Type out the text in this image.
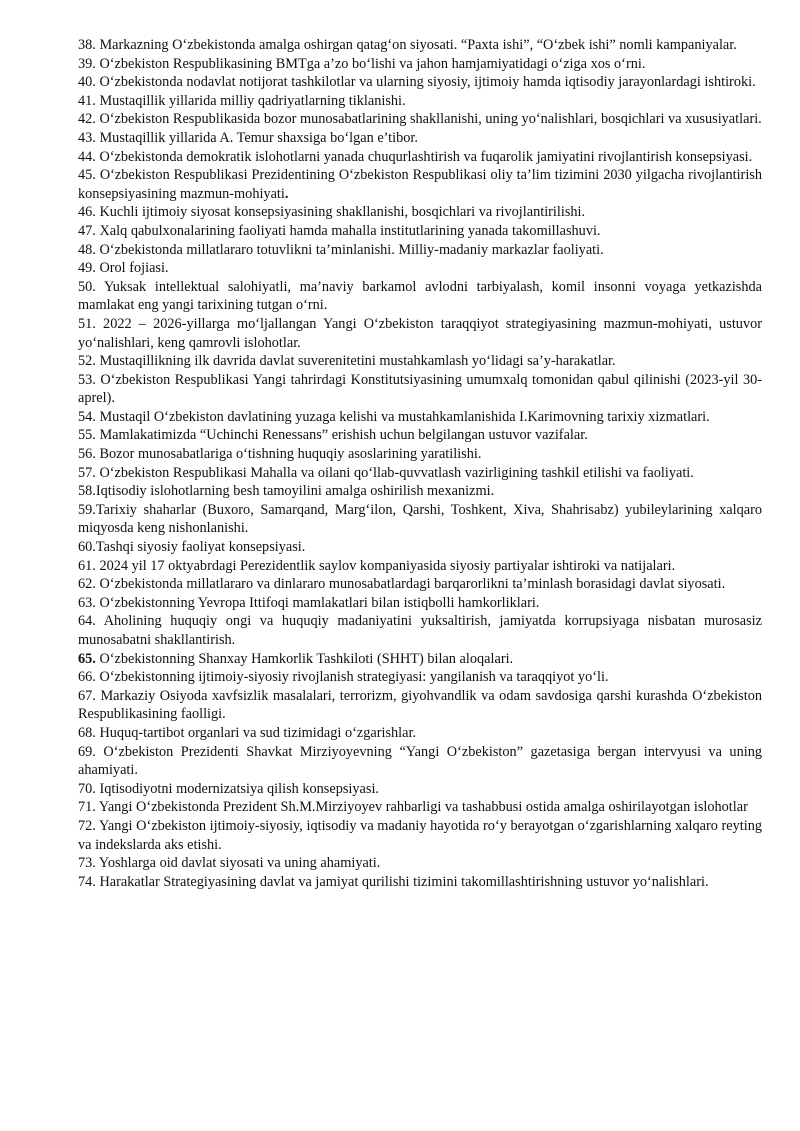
38. Markazning O‘zbekistonda amalga oshirgan qatag‘on siyosati. “Paxta ishi”, “O‘zbek ishi” nomli kampaniyalar.

39. O‘zbekiston Respublikasining BMTga a’zo bo‘lishi va jahon hamjamiyatidagi o‘ziga xos o‘rni.

40. O‘zbekistonda nodavlat notijorat tashkilotlar va ularning siyosiy, ijtimoiy hamda iqtisodiy jarayonlardagi ishtiroki.

41. Mustaqillik yillarida milliy qadriyatlarning tiklanishi.

42. O‘zbekiston Respublikasida bozor munosabatlarining shakllanishi, uning yo‘nalishlari, bosqichlari va xususiyatlari.

43. Mustaqillik yillarida A. Temur shaxsiga bo‘lgan e’tibor.

44. O‘zbekistonda demokratik islohotlarni yanada chuqurlashtirish va fuqarolik jamiyatini rivojlantirish konsepsiyasi.

45. O‘zbekiston Respublikasi Prezidentining O‘zbekiston Respublikasi oliy ta’lim tizimini 2030 yilgacha rivojlantirish konsepsiyasining mazmun-mohiyati.

46. Kuchli ijtimoiy siyosat konsepsiyasining shakllanishi, bosqichlari va rivojlantirilishi.

47. Xalq qabulxonalarining faoliyati hamda mahalla institutlarining yanada takomillashuvi.

48. O‘zbekistonda millatlararo totuvlikni ta’minlanishi. Milliy-madaniy markazlar faoliyati.

49. Orol fojiasi.

50. Yuksak intellektual salohiyatli, ma’naviy barkamol avlodni tarbiyalash, komil insonni voyaga yetkazishda mamlakat eng yangi tarixining tutgan o‘rni.

51. 2022 – 2026-yillarga mo‘ljallangan Yangi O‘zbekiston taraqqiyot strategiyasining mazmun-mohiyati, ustuvor yo‘nalishlari, keng qamrovli islohotlar.

52. Mustaqillikning ilk davrida davlat suverenitetini mustahkamlash yo‘lidagi sa’y-harakatlar.

53. O‘zbekiston Respublikasi Yangi tahrirdagi Konstitutsiyasining umumxalq tomonidan qabul qilinishi (2023-yil 30-aprel).

54. Mustaqil O‘zbekiston davlatining yuzaga kelishi va mustahkamlanishida I.Karimovning tarixiy xizmatlari.

55. Mamlakatimizda “Uchinchi Renessans” erishish uchun belgilangan ustuvor vazifalar.

56. Bozor munosabatlariga o‘tishning huquqiy asoslarining yaratilishi.

57. O‘zbekiston Respublikasi Mahalla va oilani qo‘llab-quvvatlash vazirligining tashkil etilishi va faoliyati.

58.Iqtisodiy islohotlarning besh tamoyilini amalga oshirilish mexanizmi.

59.Tarixiy shaharlar (Buxoro, Samarqand, Marg‘ilon, Qarshi, Toshkent, Xiva, Shahrisabz) yubileylarining xalqaro miqyosda keng nishonlanishi.

60.Tashqi siyosiy faoliyat konsepsiyasi.

61. 2024 yil 17 oktyabrdagi Perezidentlik saylov kompaniyasida siyosiy partiyalar ishtiroki va natijalari.

62. O‘zbekistonda millatlararo va dinlararo munosabatlardagi barqarorlikni ta’minlash borasidagi davlat siyosati.

63. O‘zbekistonning Yevropa Ittifoqi mamlakatlari bilan istiqbolli hamkorliklari.

64. Aholining huquqiy ongi va huquqiy madaniyatini yuksaltirish, jamiyatda korrupsiyaga nisbatan murosasiz munosabatni shakllantirish.

65. O‘zbekistonning Shanxay Hamkorlik Tashkiloti (SHHT) bilan aloqalari.

66. O‘zbekistonning ijtimoiy-siyosiy rivojlanish strategiyasi: yangilanish va taraqqiyot yo‘li.

67. Markaziy Osiyoda xavfsizlik masalalari, terrorizm, giyohvandlik va odam savdosiga qarshi kurashda O‘zbekiston Respublikasining faolligi.

68. Huquq-tartibot organlari va sud tizimidagi o‘zgarishlar.

69. O‘zbekiston Prezidenti Shavkat Mirziyoyevning “Yangi O‘zbekiston” gazetasiga bergan intervyusi va uning ahamiyati.

70. Iqtisodiyotni modernizatsiya qilish konsepsiyasi.

71. Yangi O‘zbekistonda Prezident Sh.M.Mirziyoyev rahbarligi va tashabbusi ostida amalga oshirilayotgan islohotlar

72. Yangi O‘zbekiston ijtimoiy-siyosiy, iqtisodiy va madaniy hayotida ro‘y berayotgan o‘zgarishlarning xalqaro reyting va indekslarda aks etishi.

73. Yoshlarga oid davlat siyosati va uning ahamiyati.

74. Harakatlar Strategiyasining davlat va jamiyat qurilishi tizimini takomillashtirishning ustuvor yo‘nalishlari.
